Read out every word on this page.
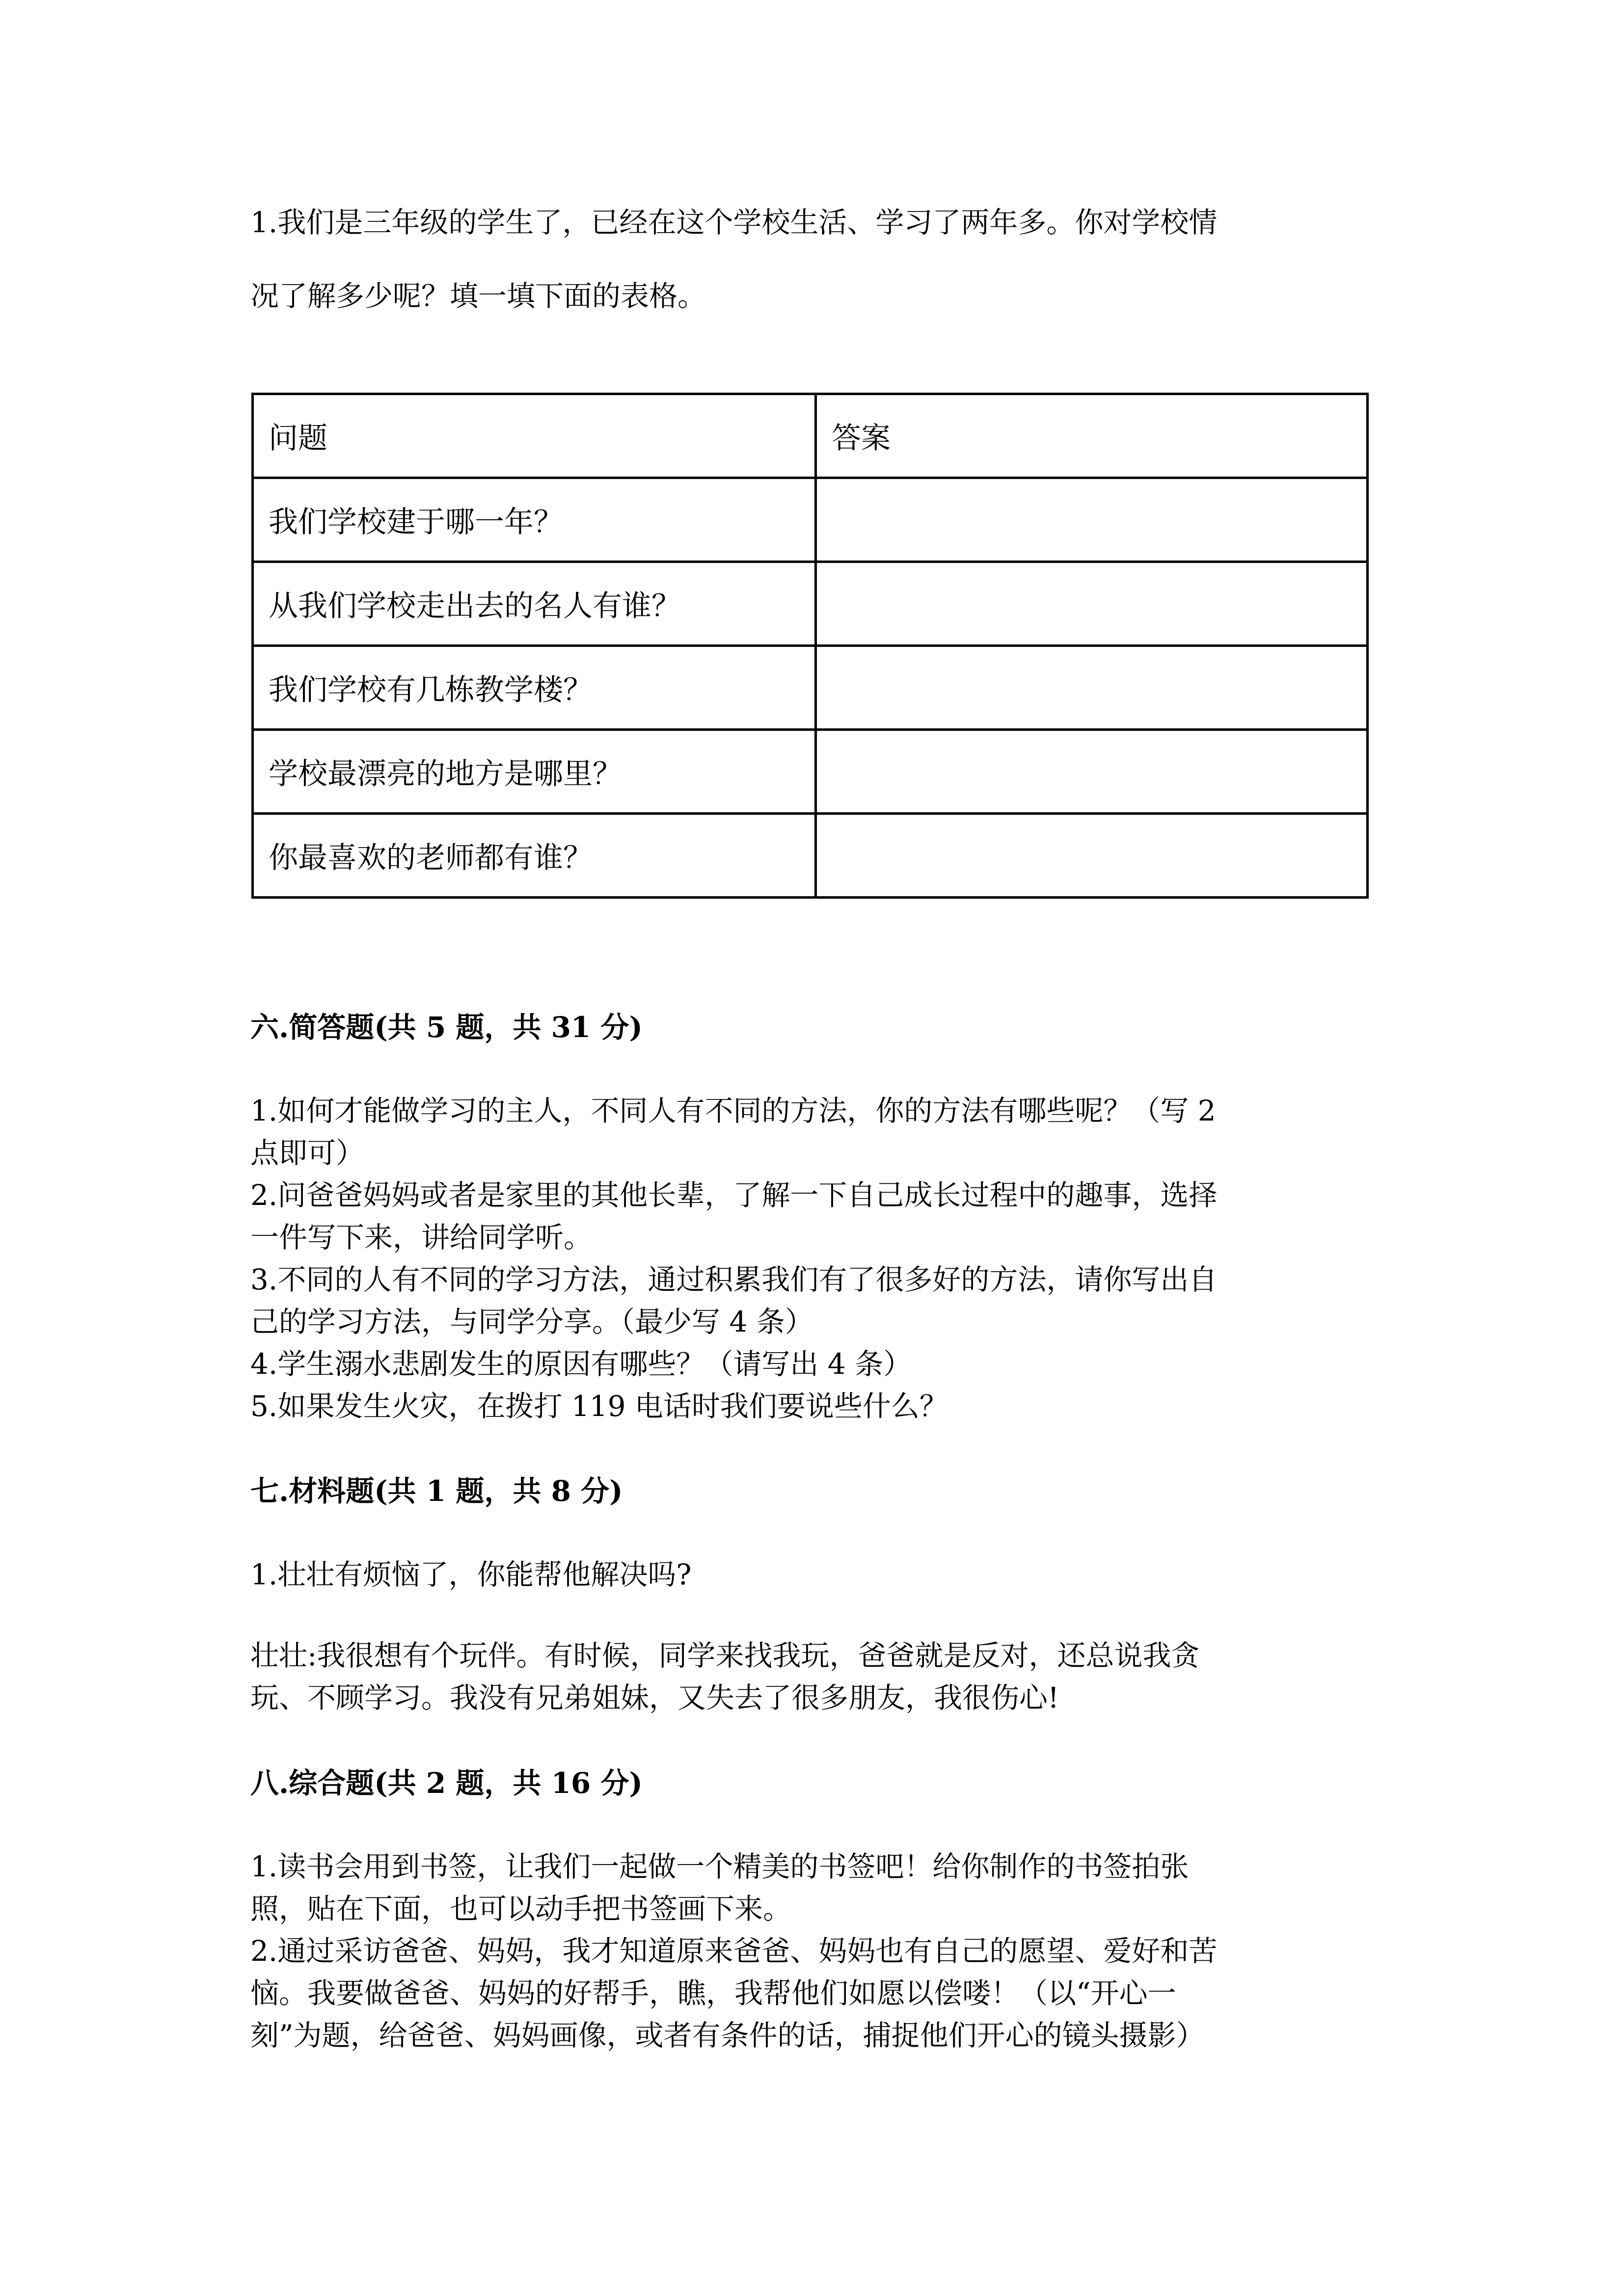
1.我们是三年级的学生了，已经在这个学校生活、学习了两年多。你对学校情
况了解多少呢？填一填下面的表格。
问题	答案
我们学校建于哪一年？	
从我们学校走出去的名人有谁？	
我们学校有几栋教学楼？	
学校最漂亮的地方是哪里？	
你最喜欢的老师都有谁？	
六.简答题(共 5 题，共 31 分)
1.如何才能做学习的主人，不同人有不同的方法，你的方法有哪些呢？（写 2
点即可）
2.问爸爸妈妈或者是家里的其他长辈，了解一下自己成长过程中的趣事，选择
一件写下来，讲给同学听。
3.不同的人有不同的学习方法，通过积累我们有了很多好的方法，请你写出自
己的学习方法，与同学分享。（最少写 4 条）
4.学生溺水悲剧发生的原因有哪些？（请写出 4 条）
5.如果发生火灾，在拨打 119 电话时我们要说些什么？
七.材料题(共 1 题，共 8 分)
1.壮壮有烦恼了，你能帮他解决吗?
壮壮:我很想有个玩伴。有时候，同学来找我玩，爸爸就是反对，还总说我贪
玩、不顾学习。我没有兄弟姐妹，又失去了很多朋友，我很伤心!
八.综合题(共 2 题，共 16 分)
1.读书会用到书签，让我们一起做一个精美的书签吧！给你制作的书签拍张
照，贴在下面，也可以动手把书签画下来。
2.通过采访爸爸、妈妈，我才知道原来爸爸、妈妈也有自己的愿望、爱好和苦
恼。我要做爸爸、妈妈的好帮手，瞧，我帮他们如愿以偿喽！（以“开心一
刻”为题，给爸爸、妈妈画像，或者有条件的话，捕捉他们开心的镜头摄影）
